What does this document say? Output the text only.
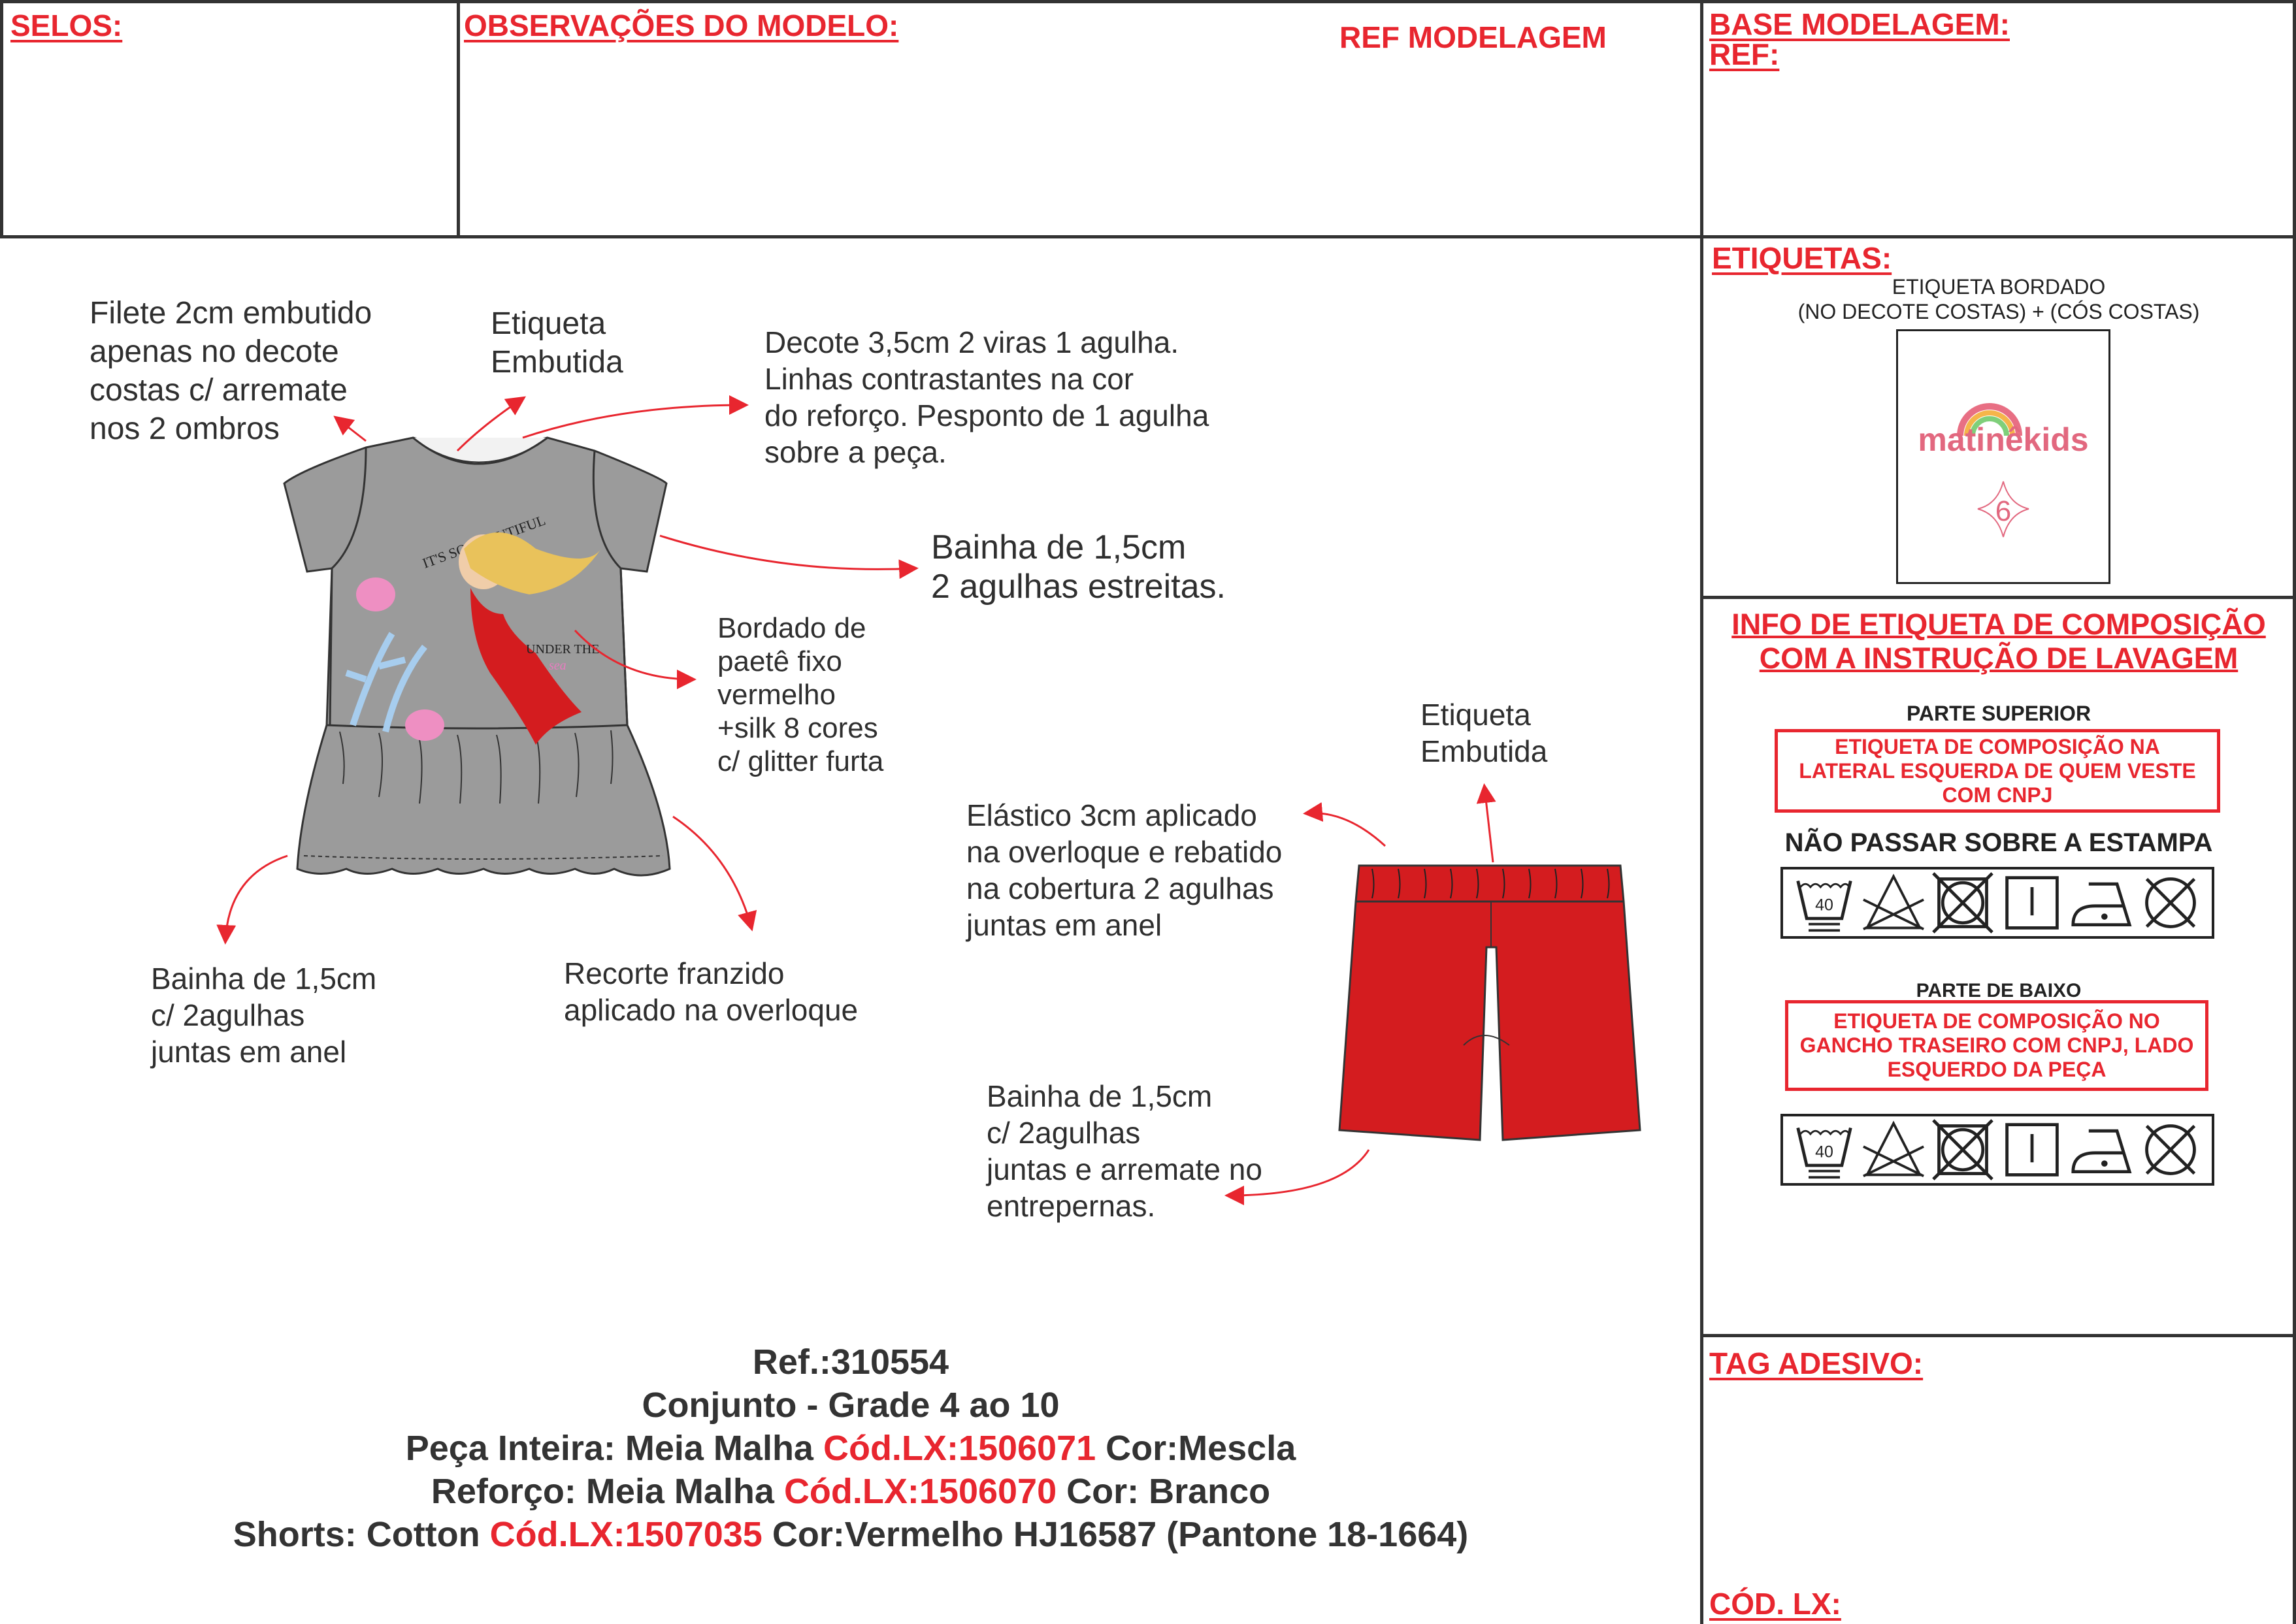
SELOS:	OBSERVAÇÕES DO MODELO:	REF MODELAGEM	BASE MODELAGEM:
REF:
Filete 2cm embutido
apenas no decote
costas c/ arremate
nos 2 ombros
Etiqueta
Embutida
Decote 3,5cm 2 viras 1 agulha.
Linhas contrastantes na cor
do reforço. Pesponto de 1 agulha
sobre a peça.
Bainha de 1,5cm
2 agulhas estreitas.
Bordado de
paetê fixo
vermelho
+silk 8 cores
c/ glitter furta
Bainha de 1,5cm
c/ 2agulhas
juntas em anel
Recorte franzido
aplicado na overloque
Etiqueta
Embutida
Elástico 3cm aplicado
na overloque e rebatido
na cobertura 2 agulhas
juntas em anel
Bainha de 1,5cm
c/ 2agulhas
juntas e arremate no
entrepernas.
IT'S SO BEAUTIFUL
UNDER THE
sea
Ref.:310554
Conjunto - Grade 4 ao 10
Peça Inteira: Meia Malha Cód.LX:1506071 Cor:Mescla
Reforço: Meia Malha Cód.LX:1506070 Cor: Branco
Shorts: Cotton Cód.LX:1507035 Cor:Vermelho HJ16587 (Pantone 18-1664)
ETIQUETAS:
ETIQUETA BORDADO
(NO DECOTE COSTAS) + (CÓS COSTAS)
matinêkids
6
INFO DE ETIQUETA DE COMPOSIÇÃO
COM A INSTRUÇÃO DE LAVAGEM
PARTE SUPERIOR
ETIQUETA DE COMPOSIÇÃO NA
LATERAL ESQUERDA DE QUEM VESTE
COM CNPJ
NÃO PASSAR SOBRE A ESTAMPA
40
PARTE DE BAIXO
ETIQUETA DE COMPOSIÇÃO NO
GANCHO TRASEIRO COM CNPJ, LADO
ESQUERDO DA PEÇA
40
TAG ADESIVO:
CÓD. LX:
